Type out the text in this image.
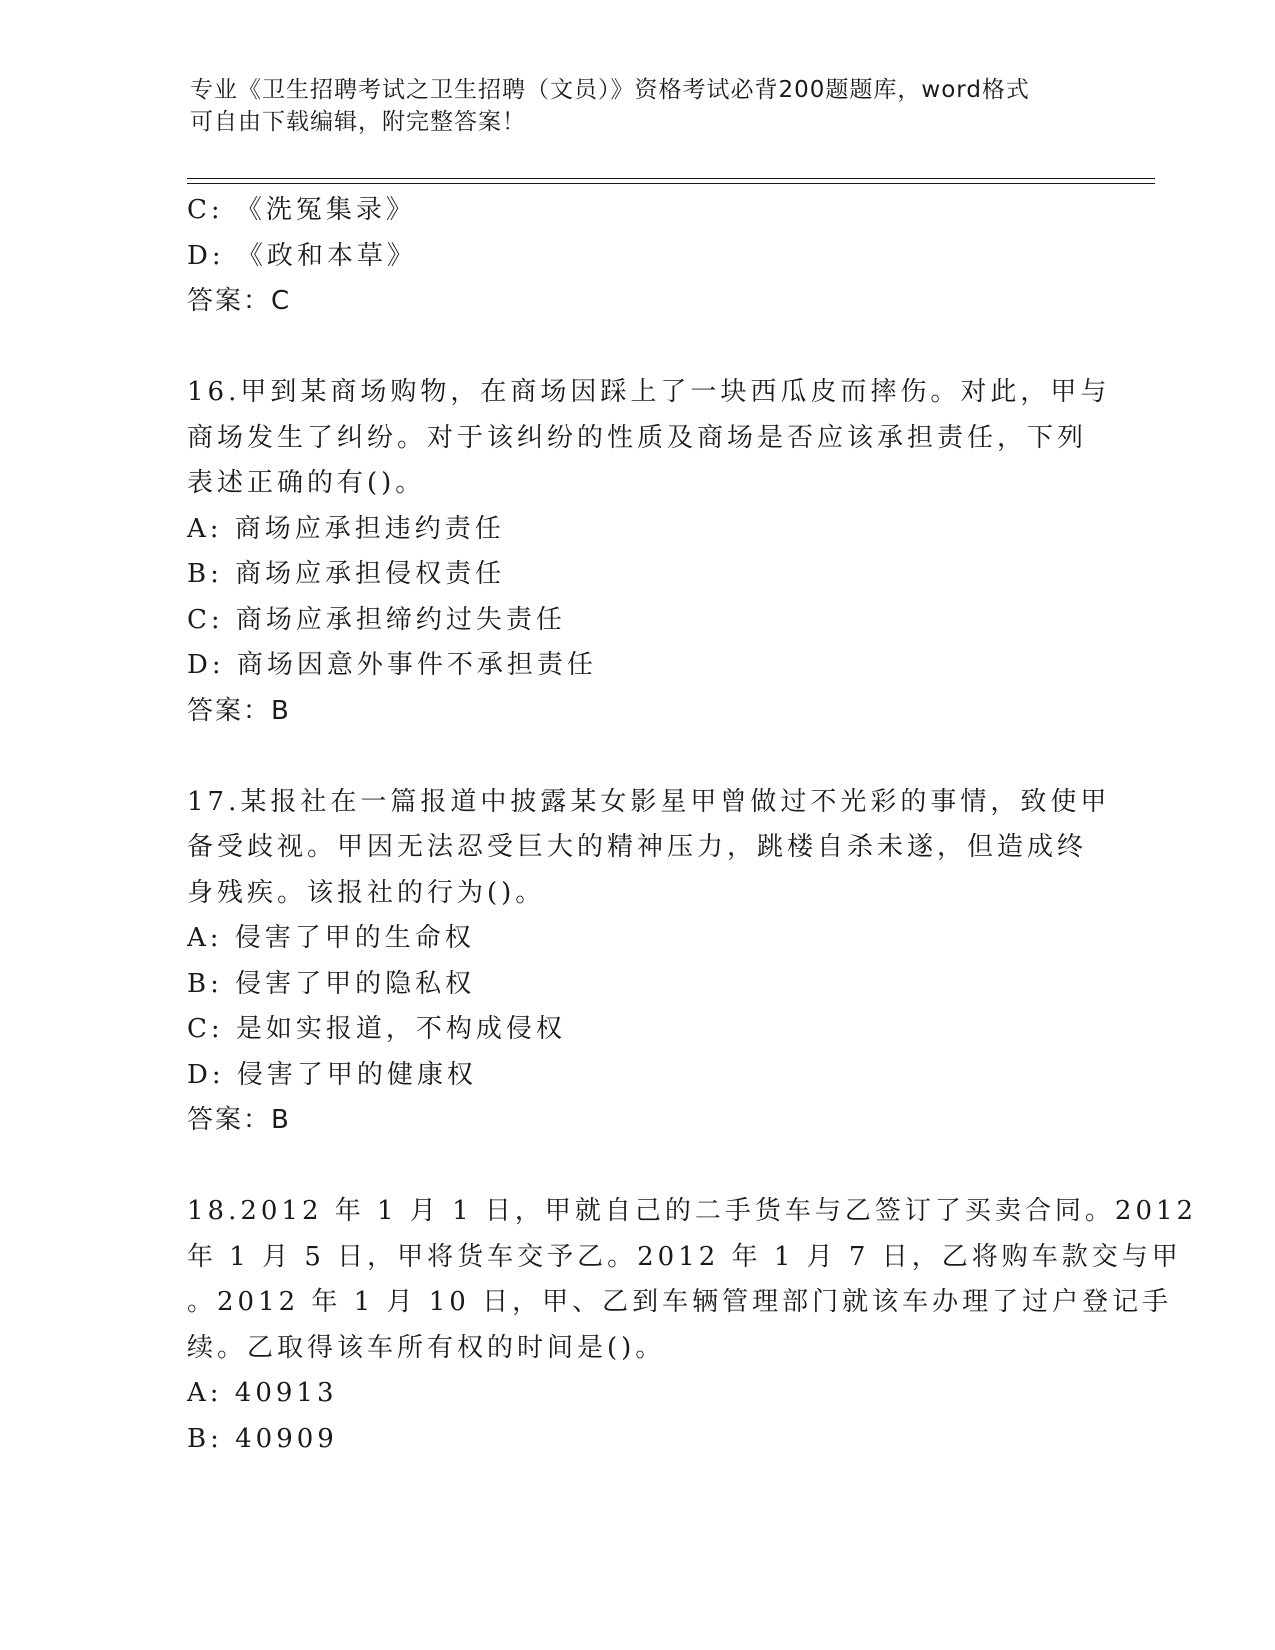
专业《卫生招聘考试之卫生招聘（文员）》资格考试必背200题题库，word格式
可自由下载编辑，附完整答案！
C: 《洗冤集录》
D: 《政和本草》
答案：C
16.甲到某商场购物，在商场因踩上了一块西瓜皮而摔伤。对此，甲与
商场发生了纠纷。对于该纠纷的性质及商场是否应该承担责任，下列
表述正确的有()。
A: 商场应承担违约责任
B: 商场应承担侵权责任
C: 商场应承担缔约过失责任
D: 商场因意外事件不承担责任
答案：B
17.某报社在一篇报道中披露某女影星甲曾做过不光彩的事情，致使甲
备受歧视。甲因无法忍受巨大的精神压力，跳楼自杀未遂，但造成终
身残疾。该报社的行为()。
A: 侵害了甲的生命权
B: 侵害了甲的隐私权
C: 是如实报道，不构成侵权
D: 侵害了甲的健康权
答案：B
18.2012 年 1 月 1 日，甲就自己的二手货车与乙签订了买卖合同。2012
年 1 月 5 日，甲将货车交予乙。2012 年 1 月 7 日，乙将购车款交与甲
。2012 年 1 月 10 日，甲、乙到车辆管理部门就该车办理了过户登记手
续。乙取得该车所有权的时间是()。
A: 40913
B: 40909
